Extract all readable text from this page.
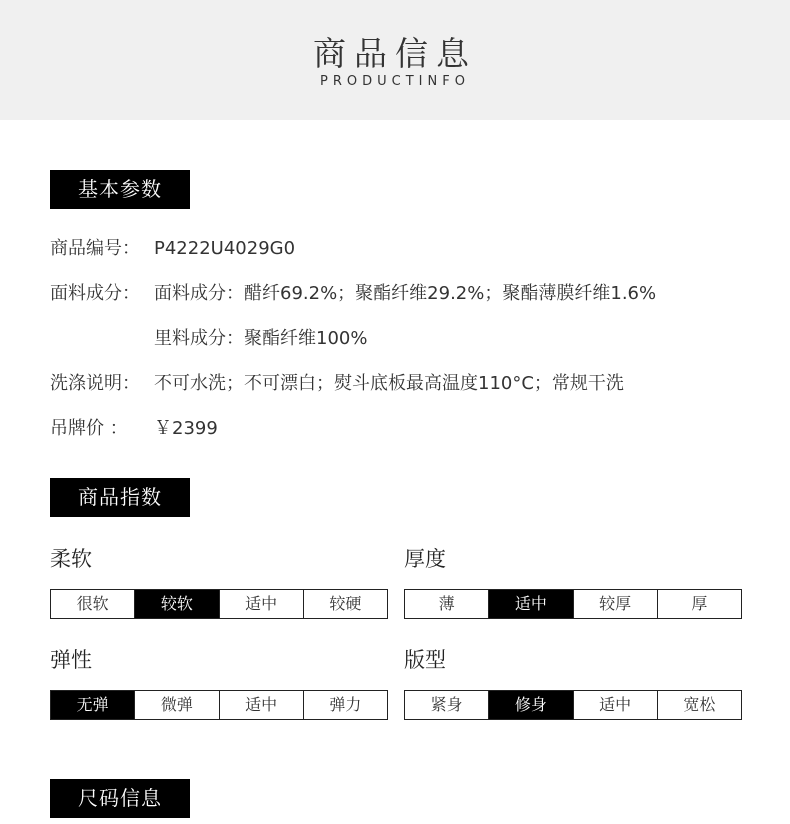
商品信息
PRODUCTINFO
基本参数
商品编号： P4222U4029G0
面料成分： 面料成分：醋纤69.2%；聚酯纤维29.2%；聚酯薄膜纤维1.6%
里料成分：聚酯纤维100%
洗涤说明： 不可水洗；不可漂白；熨斗底板最高温度110°C；常规干洗
吊牌价 ： ￥2399
商品指数
柔软
很软	较软	适中	较硬
厚度
薄	适中	较厚	厚
弹性
无弹	微弹	适中	弹力
版型
紧身	修身	适中	宽松
尺码信息
